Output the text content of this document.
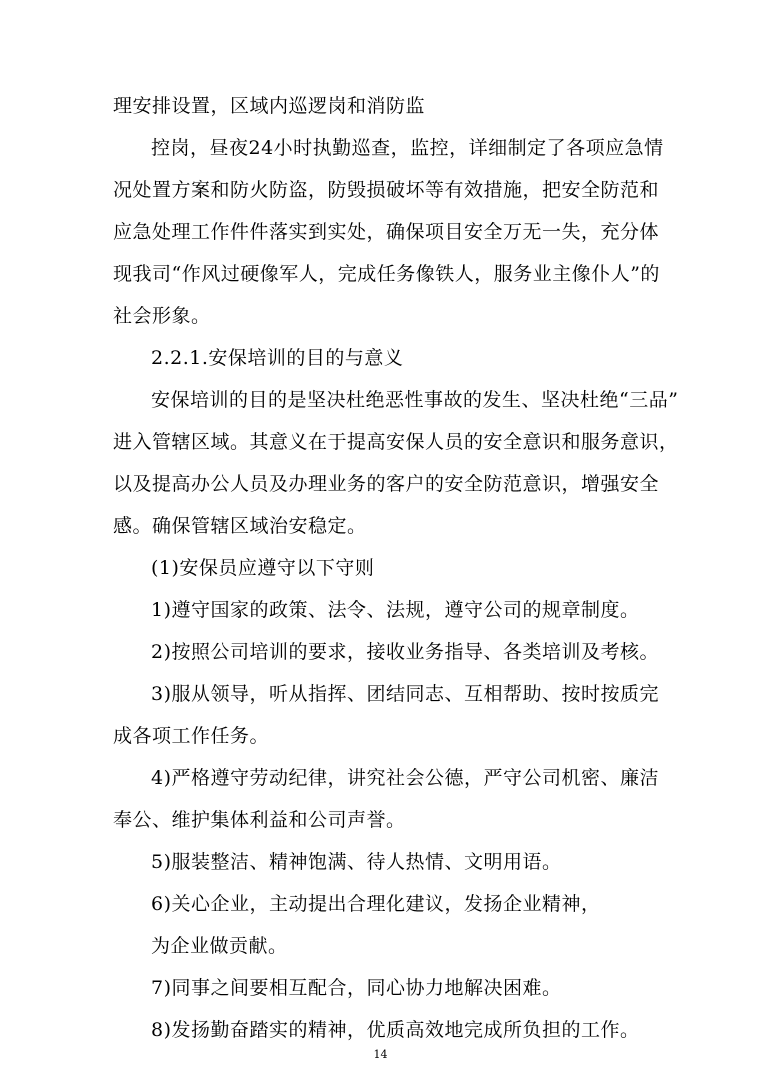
理安排设置，区域内巡逻岗和消防监
控岗，昼夜24小时执勤巡查，监控，详细制定了各项应急情
况处置方案和防火防盗，防毁损破坏等有效措施，把安全防范和
应急处理工作件件落实到实处，确保项目安全万无一失，充分体
现我司“作风过硬像军人，完成任务像铁人，服务业主像仆人”的
社会形象。
2.2.1.安保培训的目的与意义
安保培训的目的是坚决杜绝恶性事故的发生、坚决杜绝“三品”
进入管辖区域。其意义在于提高安保人员的安全意识和服务意识，
以及提高办公人员及办理业务的客户的安全防范意识，增强安全
感。确保管辖区域治安稳定。
(1)安保员应遵守以下守则
1)遵守国家的政策、法令、法规，遵守公司的规章制度。
2)按照公司培训的要求，接收业务指导、各类培训及考核。
3)服从领导，听从指挥、团结同志、互相帮助、按时按质完
成各项工作任务。
4)严格遵守劳动纪律，讲究社会公德，严守公司机密、廉洁
奉公、维护集体利益和公司声誉。
5)服装整洁、精神饱满、待人热情、文明用语。
6)关心企业，主动提出合理化建议，发扬企业精神，
为企业做贡献。
7)同事之间要相互配合，同心协力地解决困难。
8)发扬勤奋踏实的精神，优质高效地完成所负担的工作。
14
